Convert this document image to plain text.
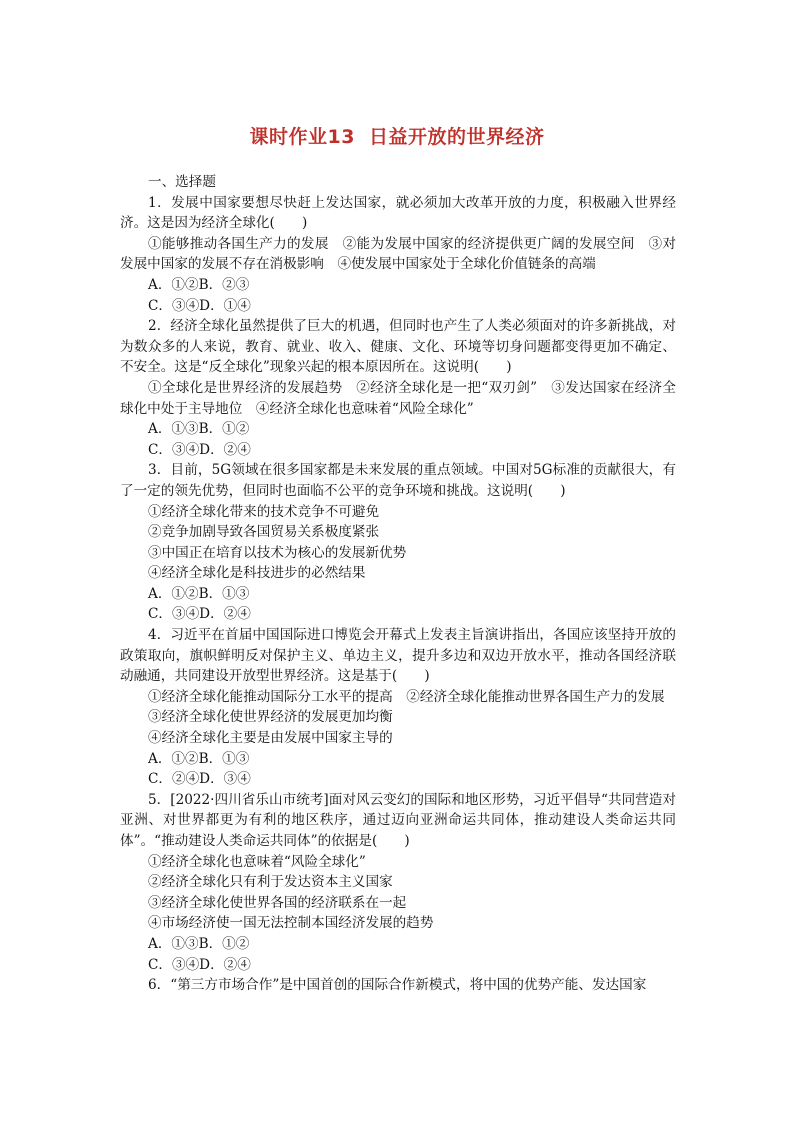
课时作业13 日益开放的世界经济
一、选择题
1．发展中国家要想尽快赶上发达国家，就必须加大改革开放的力度，积极融入世界经济。这是因为经济全球化(　　)
①能够推动各国生产力的发展　②能为发展中国家的经济提供更广阔的发展空间　③对发展中国家的发展不存在消极影响　④使发展中国家处于全球化价值链条的高端
A．①②B．②③
C．③④D．①④
2．经济全球化虽然提供了巨大的机遇，但同时也产生了人类必须面对的许多新挑战，对为数众多的人来说，教育、就业、收入、健康、文化、环境等切身问题都变得更加不确定、不安全。这是“反全球化”现象兴起的根本原因所在。这说明(　　)
①全球化是世界经济的发展趋势　②经济全球化是一把“双刃剑”　③发达国家在经济全球化中处于主导地位　④经济全球化也意味着“风险全球化”
A．①③B．①②
C．③④D．②④
3．目前，5G领域在很多国家都是未来发展的重点领域。中国对5G标准的贡献很大，有了一定的领先优势，但同时也面临不公平的竞争环境和挑战。这说明(　　)
①经济全球化带来的技术竞争不可避免
②竞争加剧导致各国贸易关系极度紧张
③中国正在培育以技术为核心的发展新优势
④经济全球化是科技进步的必然结果
A．①②B．①③
C．③④D．②④
4．习近平在首届中国国际进口博览会开幕式上发表主旨演讲指出，各国应该坚持开放的政策取向，旗帜鲜明反对保护主义、单边主义，提升多边和双边开放水平，推动各国经济联动融通，共同建设开放型世界经济。这是基于(　　)
①经济全球化能推动国际分工水平的提高　②经济全球化能推动世界各国生产力的发展
③经济全球化使世界经济的发展更加均衡
④经济全球化主要是由发展中国家主导的
A．①②B．①③
C．②④D．③④
5．[2022·四川省乐山市统考]面对风云变幻的国际和地区形势，习近平倡导“共同营造对亚洲、对世界都更为有利的地区秩序，通过迈向亚洲命运共同体，推动建设人类命运共同体”。“推动建设人类命运共同体”的依据是(　　)
①经济全球化也意味着“风险全球化”
②经济全球化只有利于发达资本主义国家
③经济全球化使世界各国的经济联系在一起
④市场经济使一国无法控制本国经济发展的趋势
A．①③B．①②
C．③④D．②④
6．“第三方市场合作”是中国首创的国际合作新模式，将中国的优势产能、发达国家
